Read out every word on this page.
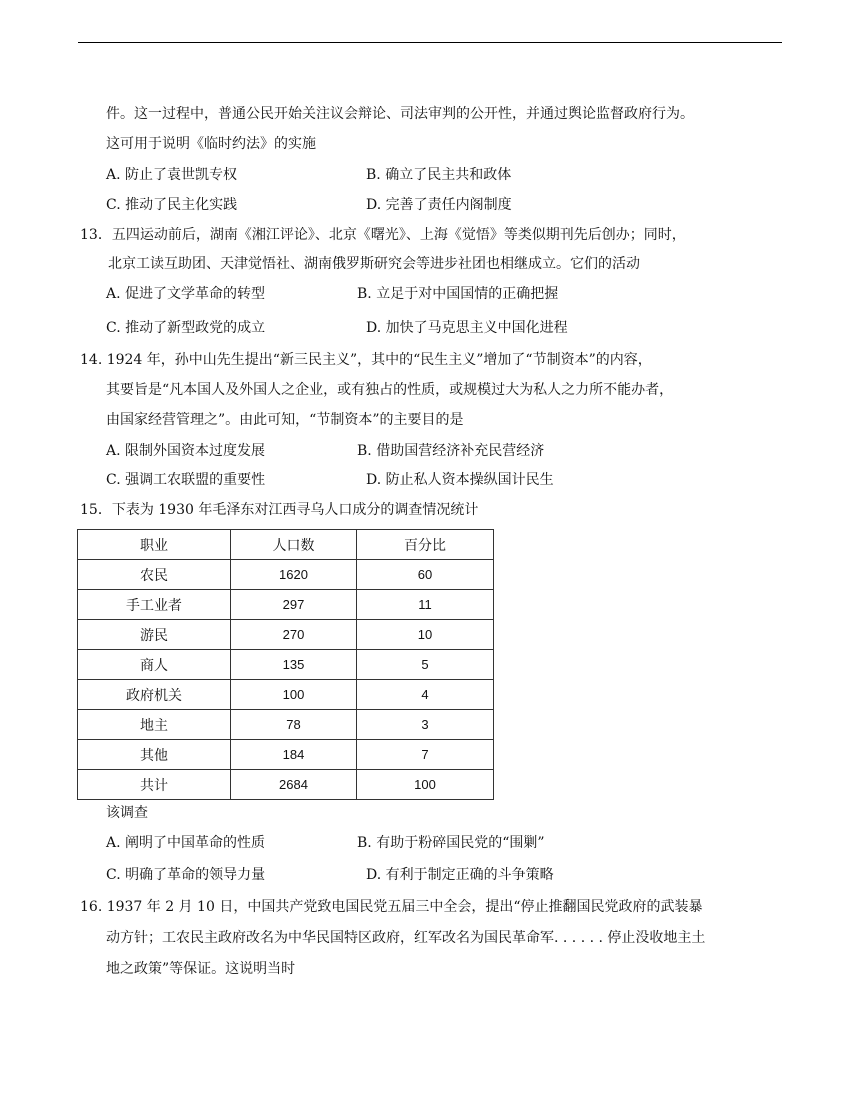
件。这一过程中，普通公民开始关注议会辩论、司法审判的公开性，并通过舆论监督政府行为。
这可用于说明《临时约法》的实施
A. 防止了袁世凯专权	B. 确立了民主共和政体
C. 推动了民主化实践	D. 完善了责任内阁制度
13．五四运动前后，湖南《湘江评论》、北京《曙光》、上海《觉悟》等类似期刊先后创办；同时，
北京工读互助团、天津觉悟社、湖南俄罗斯研究会等进步社团也相继成立。它们的活动
A. 促进了文学革命的转型	B. 立足于对中国国情的正确把握
C. 推动了新型政党的成立	D. 加快了马克思主义中国化进程
14. 1924 年，孙中山先生提出“新三民主义”，其中的“民生主义”增加了“节制资本”的内容，
其要旨是“凡本国人及外国人之企业，或有独占的性质，或规模过大为私人之力所不能办者，
由国家经营管理之”。由此可知，“节制资本”的主要目的是
A. 限制外国资本过度发展	B. 借助国营经济补充民营经济
C. 强调工农联盟的重要性	D. 防止私人资本操纵国计民生
15．下表为 1930 年毛泽东对江西寻乌人口成分的调查情况统计
职业	人口数	百分比
农民	1620	60
手工业者	297	11
游民	270	10
商人	135	5
政府机关	100	4
地主	78	3
其他	184	7
共计	2684	100
该调查
A. 阐明了中国革命的性质	B. 有助于粉碎国民党的“围剿”
C. 明确了革命的领导力量	D. 有利于制定正确的斗争策略
16. 1937 年 2 月 10 日，中国共产党致电国民党五届三中全会，提出“停止推翻国民党政府的武装暴
动方针；工农民主政府改名为中华民国特区政府，红军改名为国民革命军. . . . . . 停止没收地主土
地之政策”等保证。这说明当时
